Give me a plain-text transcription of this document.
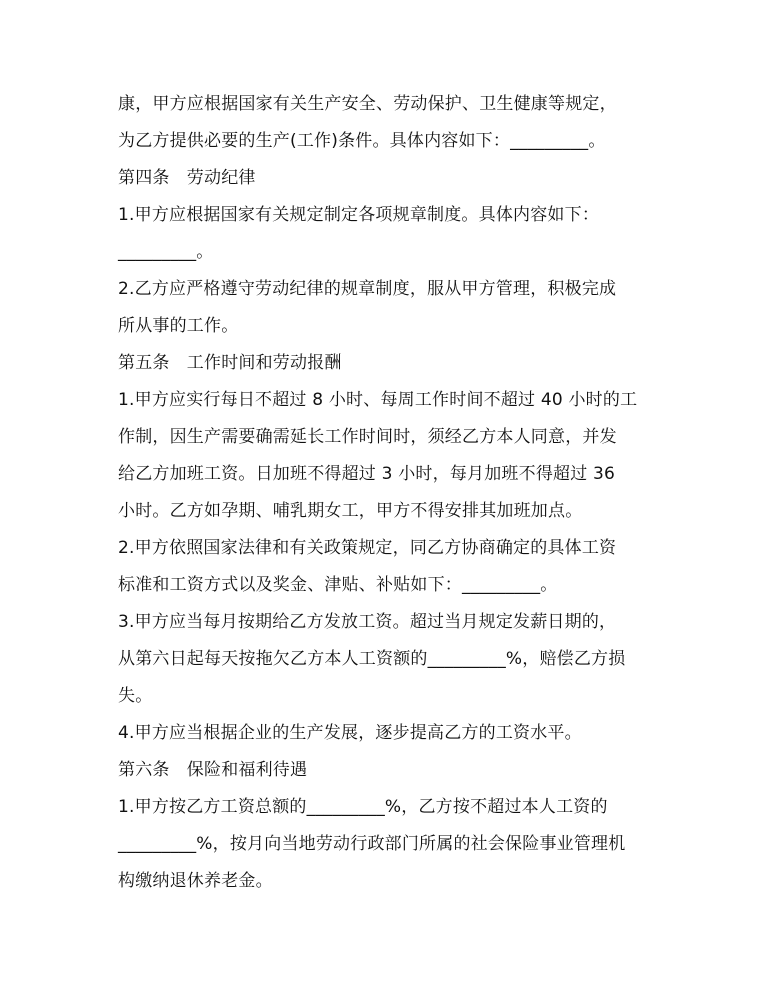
康，甲方应根据国家有关生产安全、劳动保护、卫生健康等规定，
为乙方提供必要的生产(工作)条件。具体内容如下：_________。
第四条　劳动纪律
1.甲方应根据国家有关规定制定各项规章制度。具体内容如下：
_________。
2.乙方应严格遵守劳动纪律的规章制度，服从甲方管理，积极完成
所从事的工作。
第五条　工作时间和劳动报酬
1.甲方应实行每日不超过 8 小时、每周工作时间不超过 40 小时的工
作制，因生产需要确需延长工作时间时，须经乙方本人同意，并发
给乙方加班工资。日加班不得超过 3 小时，每月加班不得超过 36
小时。乙方如孕期、哺乳期女工，甲方不得安排其加班加点。
2.甲方依照国家法律和有关政策规定，同乙方协商确定的具体工资
标准和工资方式以及奖金、津贴、补贴如下：_________。
3.甲方应当每月按期给乙方发放工资。超过当月规定发薪日期的，
从第六日起每天按拖欠乙方本人工资额的_________%，赔偿乙方损
失。
4.甲方应当根据企业的生产发展，逐步提高乙方的工资水平。
第六条　保险和福利待遇
1.甲方按乙方工资总额的_________%，乙方按不超过本人工资的
_________%，按月向当地劳动行政部门所属的社会保险事业管理机
构缴纳退休养老金。
